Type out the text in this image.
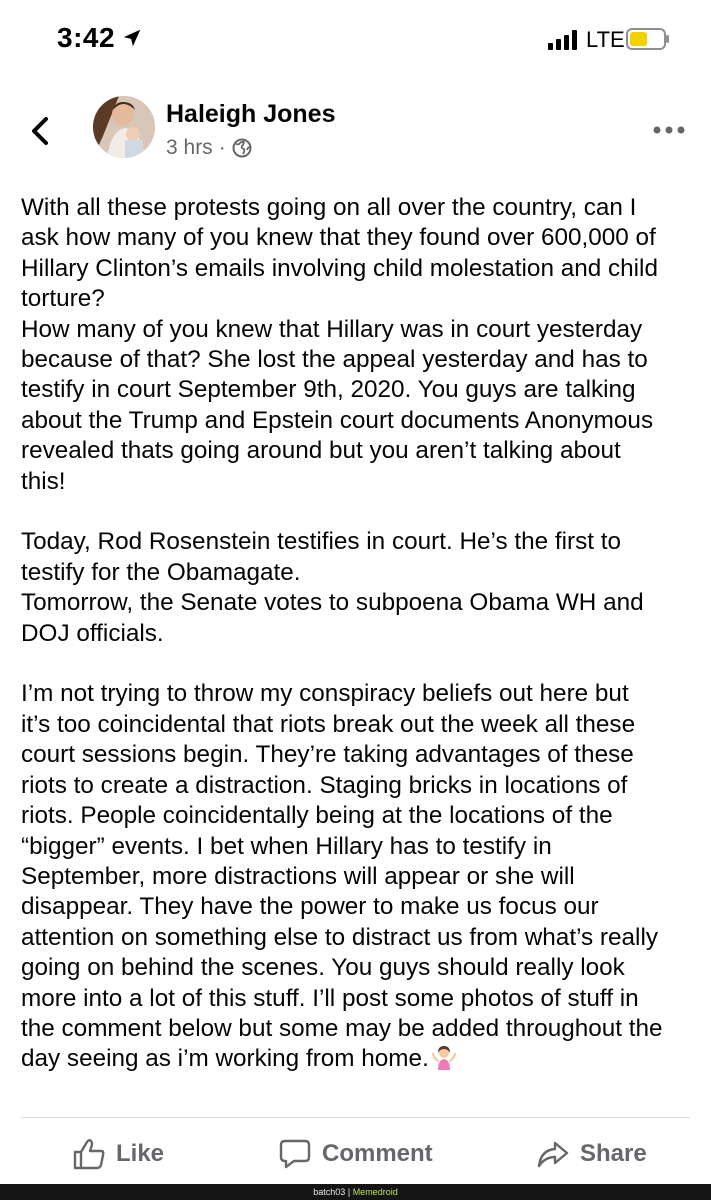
3:42	LTE
Haleigh Jones
3 hrs ·

With all these protests going on all over the country, can I
ask how many of you knew that they found over 600,000 of
Hillary Clinton’s emails involving child molestation and child
torture?
How many of you knew that Hillary was in court yesterday
because of that? She lost the appeal yesterday and has to
testify in court September 9th, 2020. You guys are talking
about the Trump and Epstein court documents Anonymous
revealed thats going around but you aren’t talking about
this!

Today, Rod Rosenstein testifies in court. He’s the first to
testify for the Obamagate.
Tomorrow, the Senate votes to subpoena Obama WH and
DOJ officials.

I’m not trying to throw my conspiracy beliefs out here but
it’s too coincidental that riots break out the week all these
court sessions begin. They’re taking advantages of these
riots to create a distraction. Staging bricks in locations of
riots. People coincidentally being at the locations of the
“bigger” events. I bet when Hillary has to testify in
September, more distractions will appear or she will
disappear. They have the power to make us focus our
attention on something else to distract us from what’s really
going on behind the scenes. You guys should really look
more into a lot of this stuff. I’ll post some photos of stuff in
the comment below but some may be added throughout the
day seeing as i’m working from home.

Like	Comment	Share
batch03 | Memedroid
